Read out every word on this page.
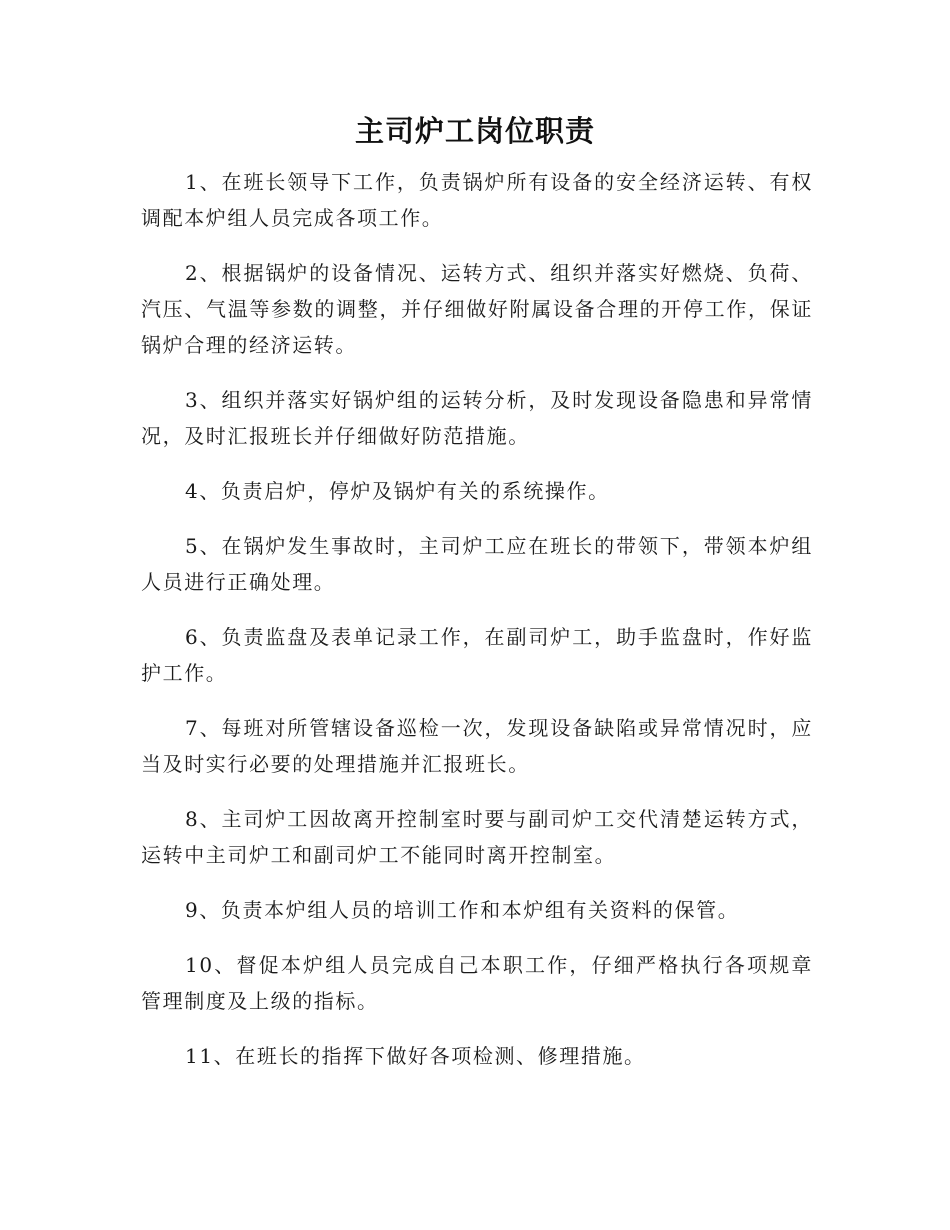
主司炉工岗位职责

1、在班长领导下工作，负责锅炉所有设备的安全经济运转、有权调配本炉组人员完成各项工作。

2、根据锅炉的设备情况、运转方式、组织并落实好燃烧、负荷、汽压、气温等参数的调整，并仔细做好附属设备合理的开停工作，保证锅炉合理的经济运转。

3、组织并落实好锅炉组的运转分析，及时发现设备隐患和异常情况，及时汇报班长并仔细做好防范措施。

4、负责启炉，停炉及锅炉有关的系统操作。

5、在锅炉发生事故时，主司炉工应在班长的带领下，带领本炉组人员进行正确处理。

6、负责监盘及表单记录工作，在副司炉工，助手监盘时，作好监护工作。

7、每班对所管辖设备巡检一次，发现设备缺陷或异常情况时，应当及时实行必要的处理措施并汇报班长。

8、主司炉工因故离开控制室时要与副司炉工交代清楚运转方式，运转中主司炉工和副司炉工不能同时离开控制室。

9、负责本炉组人员的培训工作和本炉组有关资料的保管。

10、督促本炉组人员完成自己本职工作，仔细严格执行各项规章管理制度及上级的指标。

11、在班长的指挥下做好各项检测、修理措施。
